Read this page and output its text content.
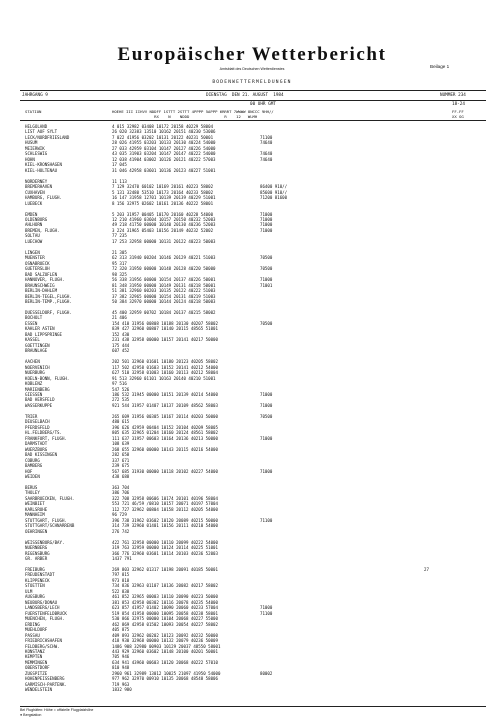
Europäischer Wetterbericht
Amtsblatt des Deutschen Wetterdienstes	Beilage 1
BODENWETTERMELDUNGEN
JAHRGANG 9	DIENSTAG  DEN 21. AUGUST  1984	NUMMER 234
00 UHR GMT	18-24
STATION	HOEHE III IIHVV NDDFF 1STTT 2STTT 4PPPP 5APPP 6RRRT 7WWWW 8NCCC 9HH//
RX    N    NDDD               R    12   WLMH
FF-FF
XX GG
HELGOLAND	4 015 32982 03408 10172 20158 40229 58004
LIST AUF SYLT	26 020 32383 13510 10162 20151 40230 53006
LECK/NORDFRIESLAND	7 022 41956 03202 10131 20122 40231 50001	71100
HUSUM	28 026 41955 03203 10133 20130 40224 54000	74640
MEIERWIK	27 033 42959 03104 10147 20127 40226 54000
SCHLESWIG	43 035 31903 03204 10147 20147 40222 54000	74640
HOHN	12 038 41904 03002 10126 20121 40222 57003	74640
KIEL-KRONSHAGEN	17 045
KIEL-HOLTENAU	31 046 42958 03601 10136 20123 40227 51001
NORDERNEY	11 113
BREMERHAVEN	7 129 32470 60102 10169 20161 40223 58002	86400 910//
CUXHAVEN	5 131 32480 53510 10173 20164 40233 58002	85600 910//
HAMBURG, FLUGH.	16 147 31958 12701 10139 20139 40229 51001	71200 81600
LUEBECK	8 156 32975 02602 10161 20136 40222 58001
EMDEN	5 203 31957 00405 10170 20160 40228 54000	71000
OLDENBURG	12 210 41960 03604 10157 20150 40232 52003	71000
AHLHORN	49 218 41750 00000 10140 20130 40236 52003	71000
BREMEN, FLUGH.	3 224 31965 05403 10156 20149 40232 52002	71000
SOLTAU	77 235
LUECHOW	17 253 32958 00000 10131 20122 40223 50003
LINGEN	21 305
MUENSTER	62 313 31940 00204 10146 20129 40221 51003	70500
OSNABRUECK	95 317
GUETERSLOH	72 320 31950 00000 10148 20128 40220 50000	70500
BAD SALZUFLEN	98 325
HANNOVER, FLUGH.	56 338 31956 00000 10154 20137 40226 50001	71000
BRAUNSCHWEIG	81 348 31950 00000 10149 20131 40218 50001	71001
BERLIN-DAHLEM	51 381 32960 00203 10135 20122 40222 51003
BERLIN-TEGEL,FLUGH.	37 382 32965 00000 10154 20131 40219 51003
BERLIN-TEMP.,FLUGH.	50 384 32970 00000 10144 20124 40218 50003
DUESSELDORF, FLUGH.	45 400 32959 00702 10184 20137 40215 58002
BOCHOLT	21 406
ESSEN	154 410 31956 00808 10188 20130 40207 58002	70500
KAHLER ASTEN	839 427 32960 00807 10140 20115 48565 51001
BAD LIPPSPRINGE	152 430
KASSEL	231 438 32958 00000 10157 20141 40217 50000
GOETTINGEN	175 444
BRAUNLAGE	607 452
AACHEN	202 501 32960 01601 10180 20123 40205 58002
NOERVENICH	117 502 42958 01603 10152 20141 40212 54000
NUERBURG	627 510 32958 01003 10160 20113 40212 58004
KOELN-BONN, FLUGH.	91 513 32960 01101 10163 20140 40210 51001
KOBLENZ	97 516
MARIENBERG	547 526
GIESSEN	186 532 31945 00000 10151 20139 40214 54000	71000
BAD HERSFELD	272 535
WASSERKUPPE	921 544 31957 01407 10137 20109 48562 58003	71000
TRIER	265 609 31956 00305 10167 20114 40203 50000	70500
DEUSELBACH	480 615
PFERDSFELD	396 626 42959 00404 10152 20104 40209 58005
HL.FELDBERG/TS.	805 635 32965 01204 10160 20124 48561 58002
FRANKFURT, FLUGH.	111 637 31957 00603 10164 20136 40213 50000	71000
DARMSTADT	108 639
WUERZBURG	268 655 32960 00000 10143 20115 40216 54000
BAD KISSINGEN	282 658
COBURG	337 671
BAMBERG	239 675
HOF	567 685 31930 00000 10118 20102 40227 54000	71000
WEIDEN	438 688
BERUS	363 704
THOLEY	386 706
SAARBRUECKEN, FLUGH.	322 708 32958 00606 10174 20101 40196 58004
WEINBIET	553 721 46/59 /0810 10157 20071 40197 57004
KARLSRUHE	112 727 32962 00804 10158 20112 40205 54000
MANNHEIM	96 729
STUTTGART, FLUGH.	396 738 31962 03602 10120 20089 40215 50000	71100
STUTTGART/SCHNARRENB	314 739 32960 01401 10156 20111 40210 54000
OEHRINGEN	276 742
WEISSENBURG/BAY.	422 761 32958 00000 10110 20099 40222 54000
NUERNBERG	319 763 32959 00000 10124 20114 40225 51001
REGENSBURG	366 776 32960 03601 10114 20103 40236 52003
GR. ARBER	1437 791
FREIBURG	269 803 32962 01317 10198 20091 40185 50001	27
FREUDENSTADT	797 815
KLIPPENECK	973 818
STOETTEN	734 836 32963 01107 10136 20082 40217 58002
ULM	522 838
AUGSBURG	461 852 32965 00003 10110 20090 40223 50000
NEUBURG/DONAU	381 853 42958 00302 10116 20078 40235 54000
LANDSBERG/LECH	623 857 41957 01402 10090 20060 40233 57004	71000
FUERSTENFELDBRUCK	519 854 41958 00000 10095 20058 40238 58001	71100
MUENCHEN, FLUGH.	530 866 32975 00000 10104 20068 40227 55000
ERDING	462 869 42958 01502 10093 20054 40227 58002
MUEHLDORF	405 875
PASSAU	409 893 32962 00202 10123 20092 40232 50000
FRIEDRICHSHAFEN	418 930 32968 00000 10132 20079 40236 50009
FELDBERG/SCHW.	1486 908 32980 00903 10129 20037 48550 58001
KONSTANZ	443 929 32960 03602 10148 20100 40201 50001
KEMPTEN	705 946
MEMMINGEN	634 941 43960 00603 10120 20068 40222 57010
OBERSTDORF	810 948
ZUGSPITZE	2960 961 32989 13012 10025 21097 41950 54000	80002
HOHENPEISSENBERG	977 962 32970 00910 10135 20068 48548 58006
GARMISCH-PARTENK.	719 963
WENDELSTEIN	1832 980
Bei Flughäfen: Höhe = offizielle Flugplatzhöhe
● Bergstation
